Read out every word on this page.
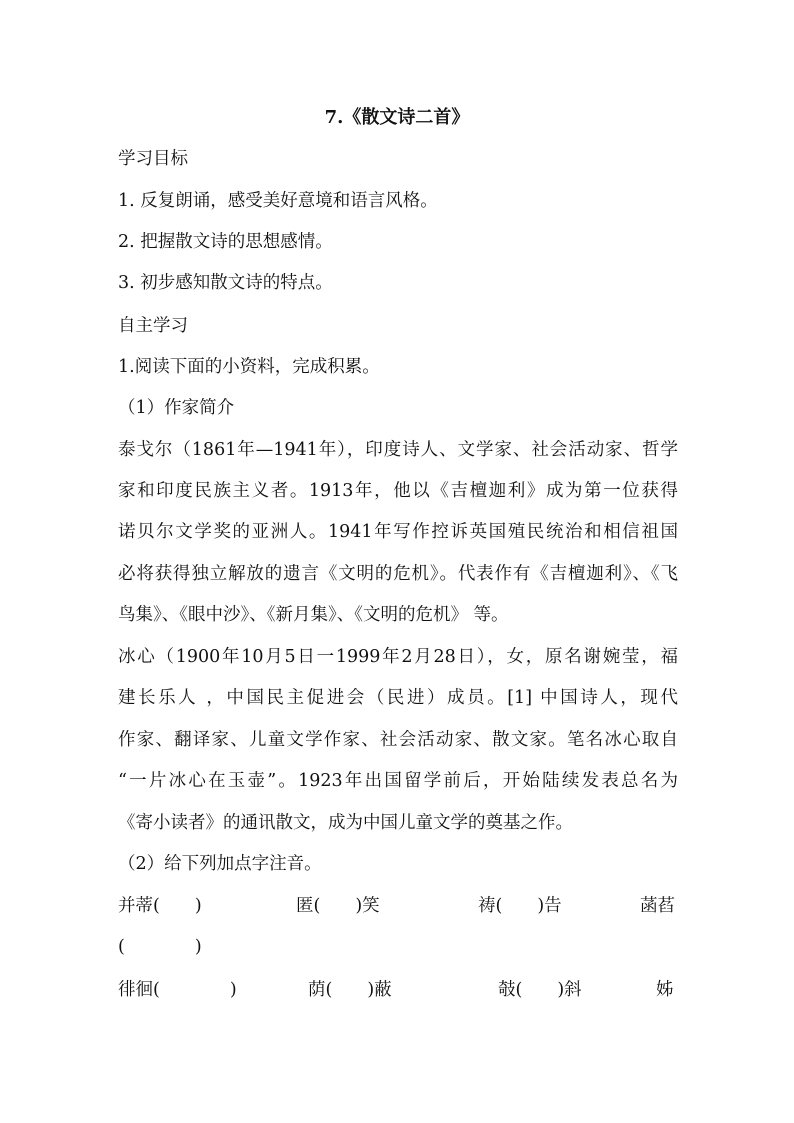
7.《散文诗二首》
学习目标
1. 反复朗诵，感受美好意境和语言风格。
2. 把握散文诗的思想感情。
3. 初步感知散文诗的特点。
自主学习
1.阅读下面的小资料，完成积累。
（1）作家简介
泰戈尔（1861年—1941年），印度诗人、文学家、社会活动家、哲学
家和印度民族主义者。1913年，他以《吉檀迦利》成为第一位获得
诺贝尔文学奖的亚洲人。1941年写作控诉英国殖民统治和相信祖国
必将获得独立解放的遗言《文明的危机》。代表作有《吉檀迦利》、《飞
鸟集》、《眼中沙》、《新月集》、《文明的危机》 等。
冰心（1900年10月5日一1999年2月28日），女，原名谢婉莹，福
建长乐人 ，中国民主促进会（民进）成员。[1] 中国诗人，现代
作家、翻译家、儿童文学作家、社会活动家、散文家。笔名冰心取自
“一片冰心在玉壶”。1923年出国留学前后，开始陆续发表总名为
《寄小读者》的通讯散文，成为中国儿童文学的奠基之作。
（2）给下列加点字注音。
并蒂(　　)	匿(　　)笑	祷(　　)告	菡萏
(　　　　)
徘徊(　　　　)	荫(　　)蔽	攲(　　)斜	姊
